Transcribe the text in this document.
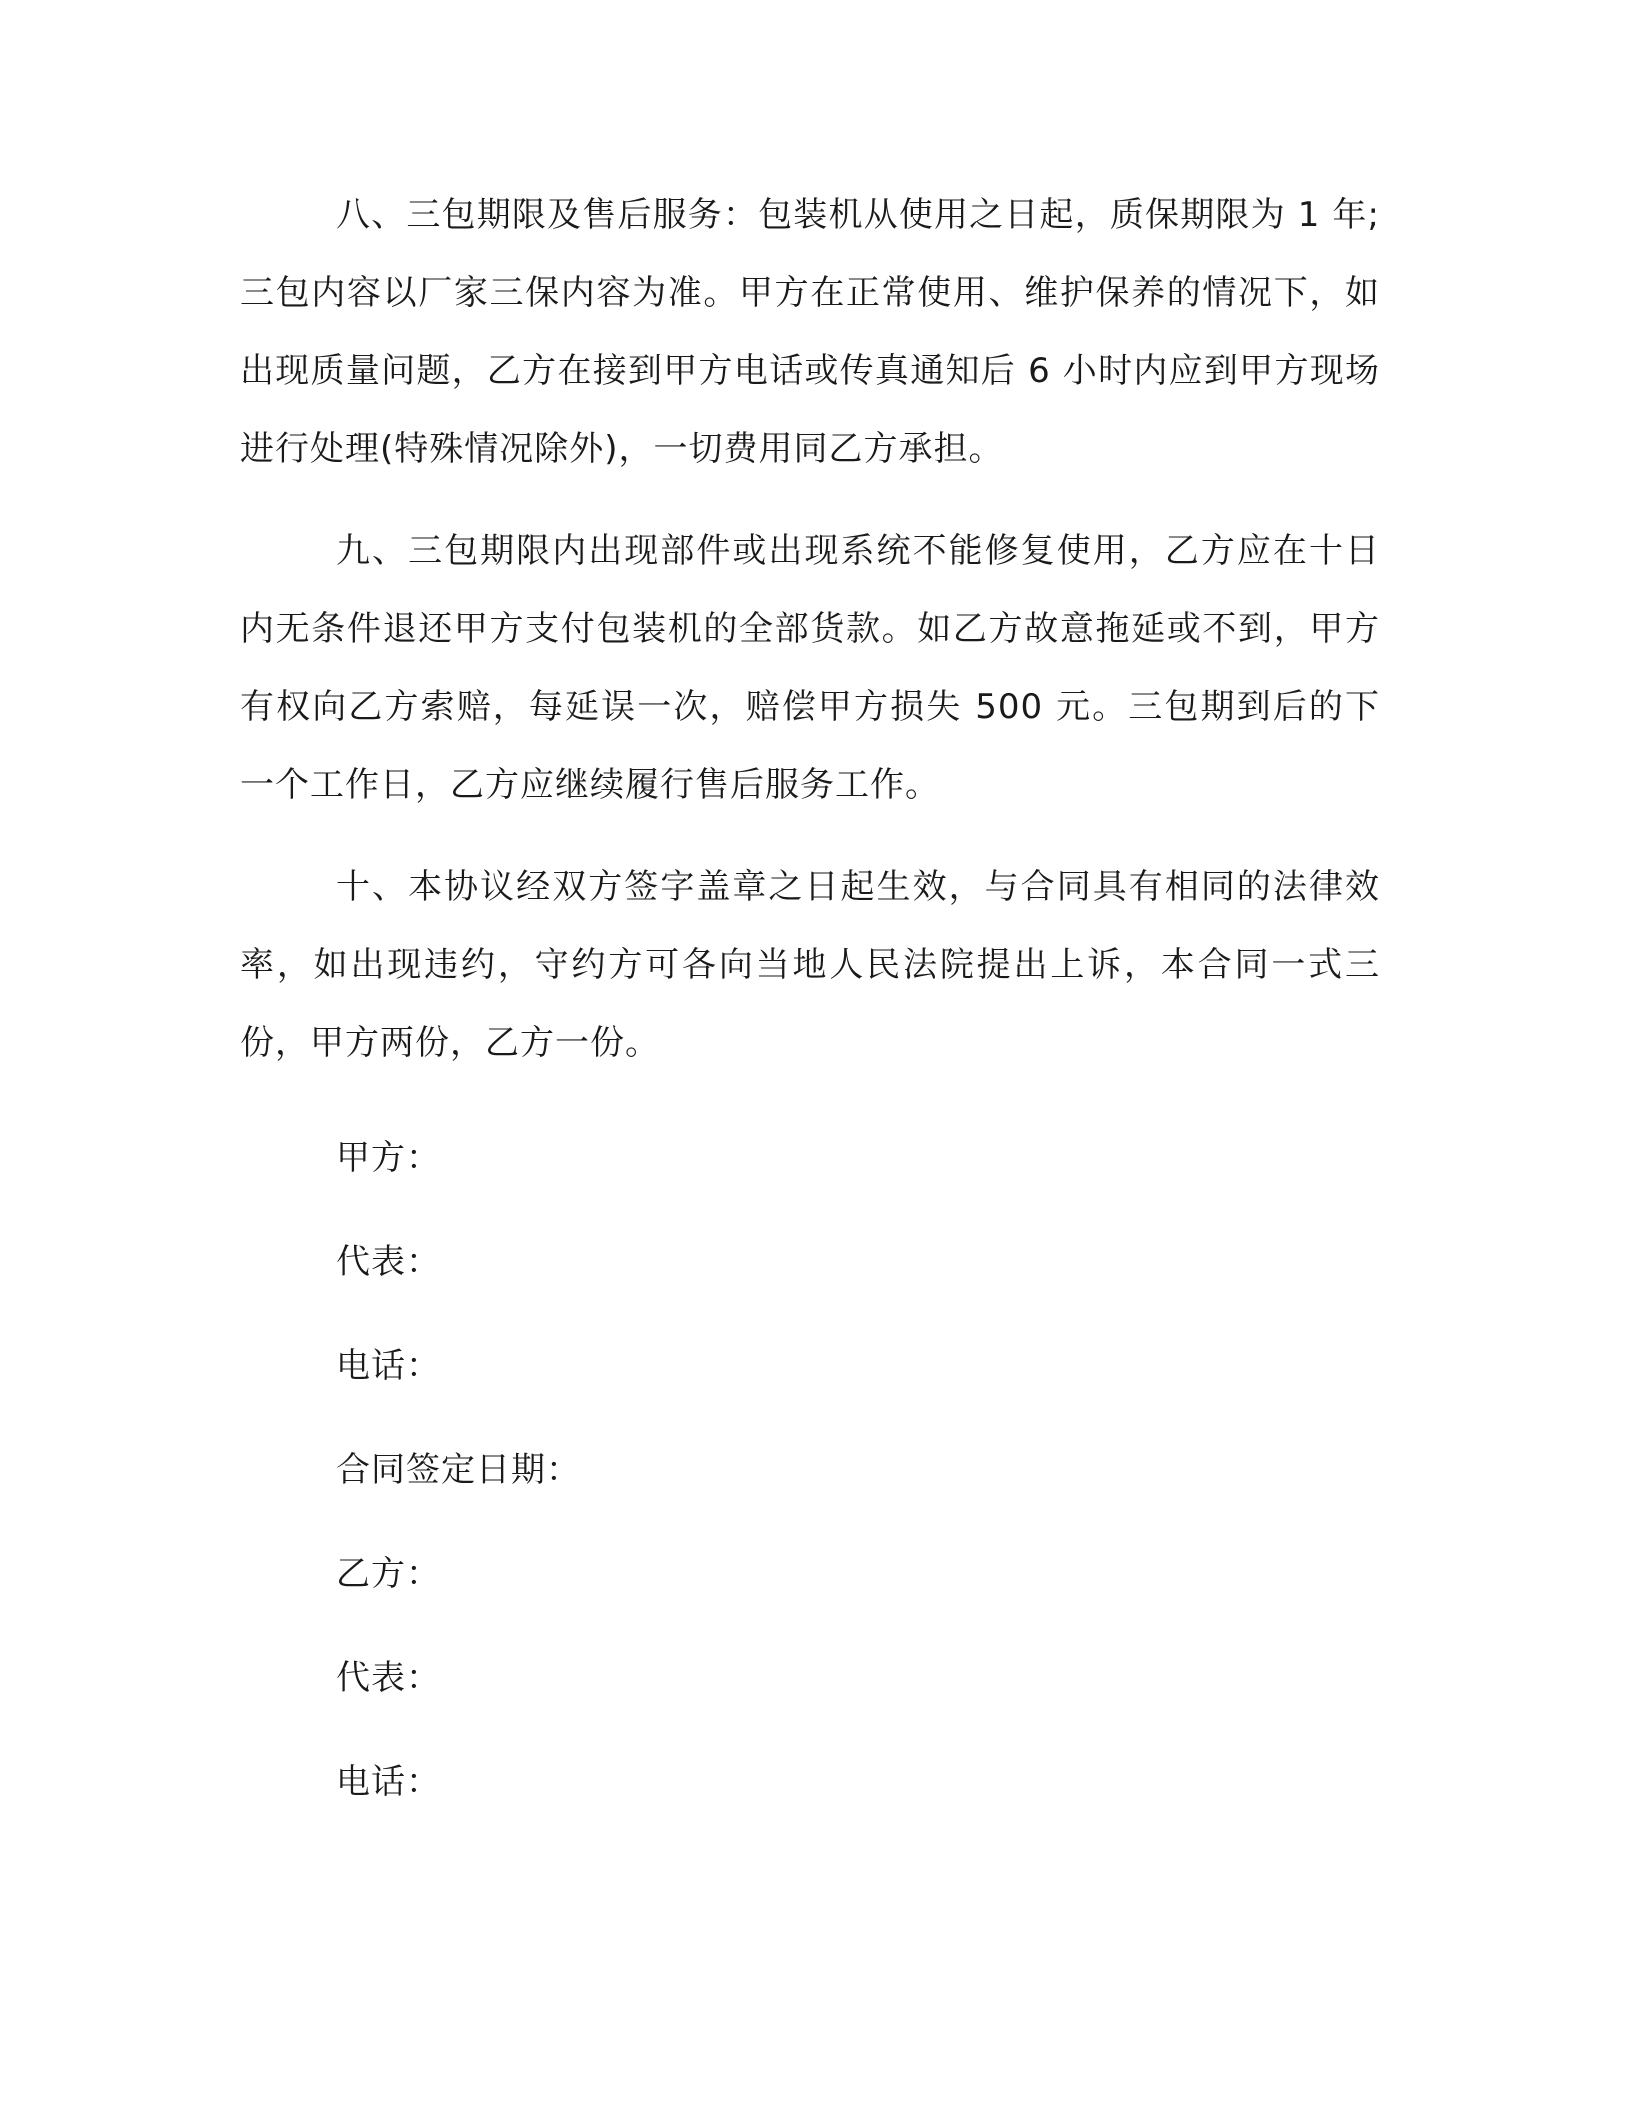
八、三包期限及售后服务：包装机从使用之日起，质保期限为 1 年;三包内容以厂家三保内容为准。甲方在正常使用、维护保养的情况下，如出现质量问题，乙方在接到甲方电话或传真通知后 6 小时内应到甲方现场进行处理(特殊情况除外)，一切费用同乙方承担。

九、三包期限内出现部件或出现系统不能修复使用，乙方应在十日内无条件退还甲方支付包装机的全部货款。如乙方故意拖延或不到，甲方有权向乙方索赔，每延误一次，赔偿甲方损失 500 元。三包期到后的下一个工作日，乙方应继续履行售后服务工作。

十、本协议经双方签字盖章之日起生效，与合同具有相同的法律效率，如出现违约，守约方可各向当地人民法院提出上诉，本合同一式三份，甲方两份，乙方一份。

甲方：
代表：
电话：
合同签定日期：
乙方：
代表：
电话：
